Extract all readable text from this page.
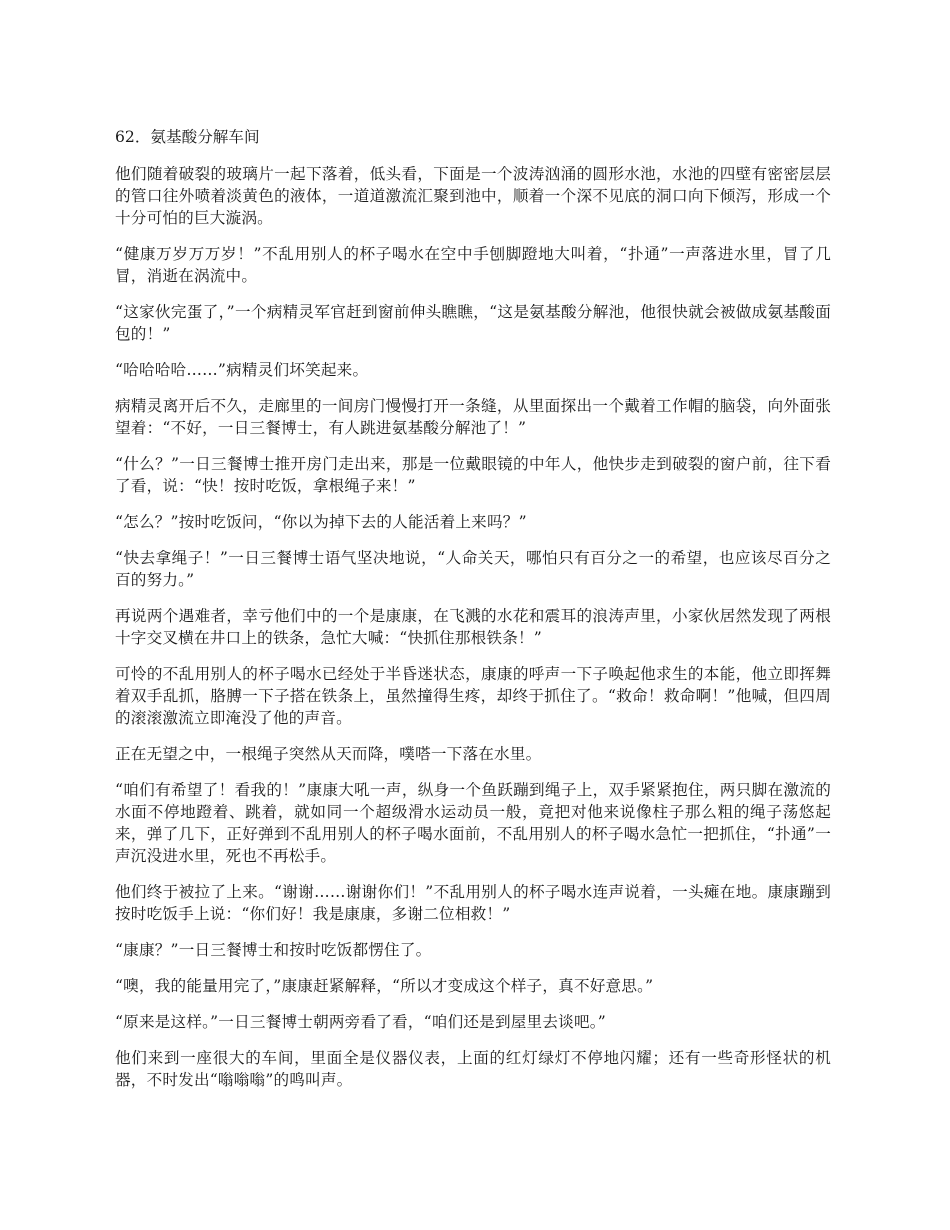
62．氨基酸分解车间

他们随着破裂的玻璃片一起下落着，低头看，下面是一个波涛汹涌的圆形水池，水池的四壁有密密层层的管口往外喷着淡黄色的液体，一道道激流汇聚到池中，顺着一个深不见底的洞口向下倾泻，形成一个十分可怕的巨大漩涡。

“健康万岁万万岁！”不乱用别人的杯子喝水在空中手刨脚蹬地大叫着，“扑通”一声落进水里，冒了几冒，消逝在涡流中。

“这家伙完蛋了，”一个病精灵军官赶到窗前伸头瞧瞧，“这是氨基酸分解池，他很快就会被做成氨基酸面包的！”

“哈哈哈哈……”病精灵们坏笑起来。

病精灵离开后不久，走廊里的一间房门慢慢打开一条缝，从里面探出一个戴着工作帽的脑袋，向外面张望着：“不好，一日三餐博士，有人跳进氨基酸分解池了！”

“什么？”一日三餐博士推开房门走出来，那是一位戴眼镜的中年人，他快步走到破裂的窗户前，往下看了看，说：“快！按时吃饭，拿根绳子来！”

“怎么？”按时吃饭问，“你以为掉下去的人能活着上来吗？”

“快去拿绳子！”一日三餐博士语气坚决地说，“人命关天，哪怕只有百分之一的希望，也应该尽百分之百的努力。”

再说两个遇难者，幸亏他们中的一个是康康，在飞溅的水花和震耳的浪涛声里，小家伙居然发现了两根十字交叉横在井口上的铁条，急忙大喊：“快抓住那根铁条！”

可怜的不乱用别人的杯子喝水已经处于半昏迷状态，康康的呼声一下子唤起他求生的本能，他立即挥舞着双手乱抓，胳膊一下子搭在铁条上，虽然撞得生疼，却终于抓住了。“救命！救命啊！”他喊，但四周的滚滚激流立即淹没了他的声音。

正在无望之中，一根绳子突然从天而降，噗嗒一下落在水里。

“咱们有希望了！看我的！”康康大吼一声，纵身一个鱼跃蹦到绳子上，双手紧紧抱住，两只脚在激流的水面不停地蹬着、跳着，就如同一个超级滑水运动员一般，竟把对他来说像柱子那么粗的绳子荡悠起来，弹了几下，正好弹到不乱用别人的杯子喝水面前，不乱用别人的杯子喝水急忙一把抓住，“扑通”一声沉没进水里，死也不再松手。

他们终于被拉了上来。“谢谢……谢谢你们！”不乱用别人的杯子喝水连声说着，一头瘫在地。康康蹦到按时吃饭手上说：“你们好！我是康康，多谢二位相救！”

“康康？”一日三餐博士和按时吃饭都愣住了。

“噢，我的能量用完了，”康康赶紧解释，“所以才变成这个样子，真不好意思。”

“原来是这样。”一日三餐博士朝两旁看了看，“咱们还是到屋里去谈吧。”

他们来到一座很大的车间，里面全是仪器仪表，上面的红灯绿灯不停地闪耀；还有一些奇形怪状的机器，不时发出“嗡嗡嗡”的鸣叫声。
